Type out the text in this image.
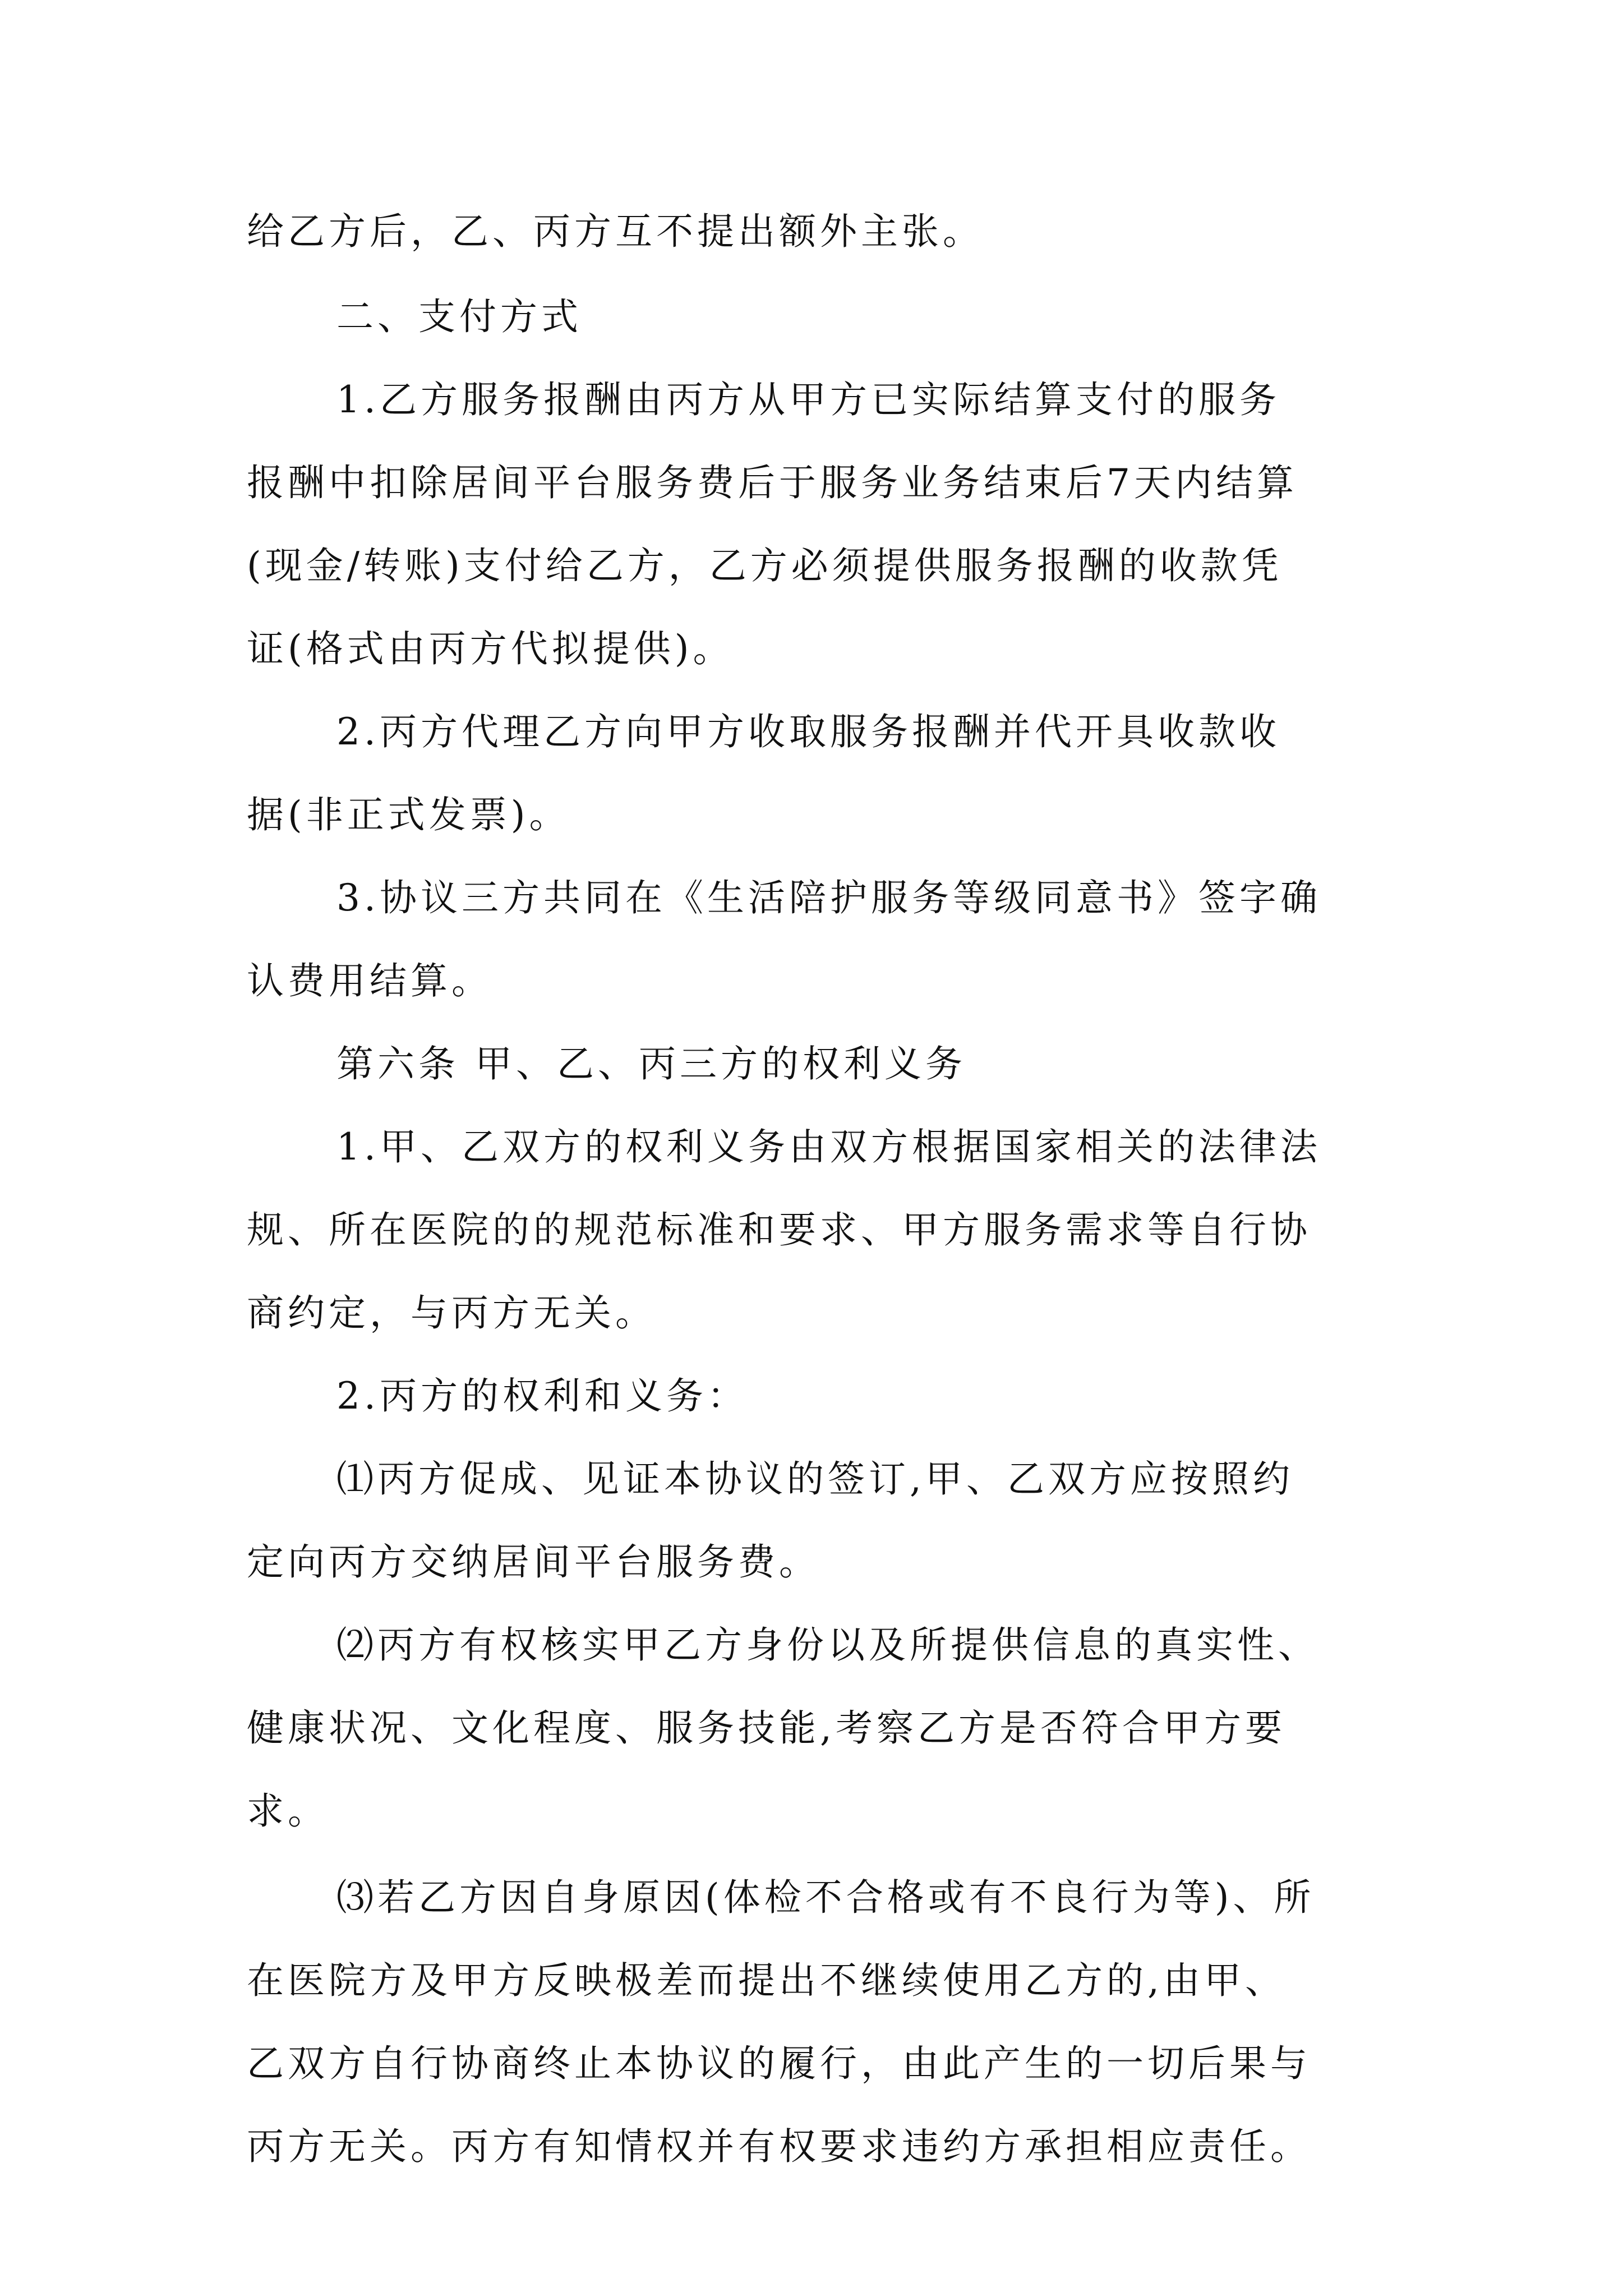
给乙方后，乙、丙方互不提出额外主张。
二、支付方式
1.乙方服务报酬由丙方从甲方已实际结算支付的服务
报酬中扣除居间平台服务费后于服务业务结束后7天内结算
(现金/转账)支付给乙方，乙方必须提供服务报酬的收款凭
证(格式由丙方代拟提供)。
2.丙方代理乙方向甲方收取服务报酬并代开具收款收
据(非正式发票)。
3.协议三方共同在《生活陪护服务等级同意书》签字确
认费用结算。
第六条 甲、乙、丙三方的权利义务
1.甲、乙双方的权利义务由双方根据国家相关的法律法
规、所在医院的的规范标准和要求、甲方服务需求等自行协
商约定，与丙方无关。
2.丙方的权利和义务：
⑴丙方促成、见证本协议的签订,甲、乙双方应按照约
定向丙方交纳居间平台服务费。
⑵丙方有权核实甲乙方身份以及所提供信息的真实性、
健康状况、文化程度、服务技能,考察乙方是否符合甲方要
求。
⑶若乙方因自身原因(体检不合格或有不良行为等)、所
在医院方及甲方反映极差而提出不继续使用乙方的,由甲、
乙双方自行协商终止本协议的履行，由此产生的一切后果与
丙方无关。丙方有知情权并有权要求违约方承担相应责任。
